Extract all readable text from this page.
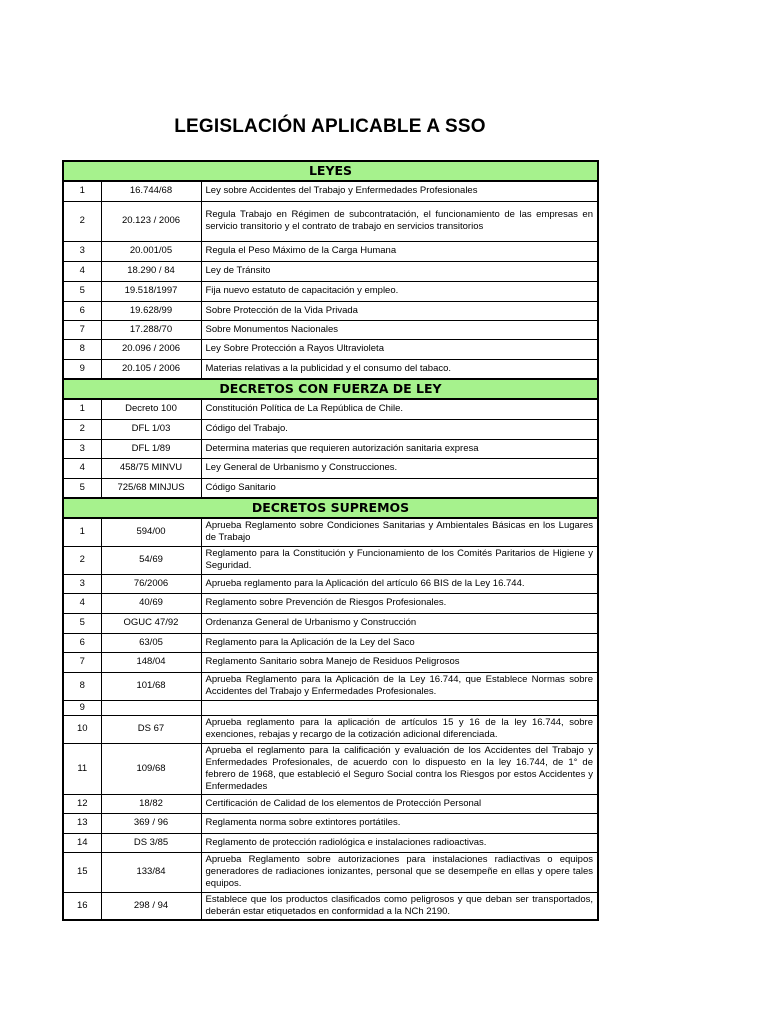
LEGISLACIÓN APLICABLE A SSO
LEYES		
1	16.744/68	Ley sobre Accidentes del Trabajo y Enfermedades Profesionales
2	20.123 / 2006	Regula Trabajo en Régimen de subcontratación, el funcionamiento de las empresas en servicio transitorio y el contrato de trabajo en servicios transitorios
3	20.001/05	Regula el Peso Máximo de la Carga Humana
4	18.290 / 84	Ley de Tránsito
5	19.518/1997	Fija nuevo estatuto de capacitación y empleo.
6	19.628/99	Sobre Protección de la Vida Privada
7	17.288/70	Sobre Monumentos Nacionales
8	20.096 / 2006	Ley Sobre Protección a Rayos Ultravioleta
9	20.105 / 2006	Materias relativas a la publicidad y el consumo del tabaco.
DECRETOS CON FUERZA DE LEY		
1	Decreto 100	Constitución Política de La República de Chile.
2	DFL 1/03	Código del Trabajo.
3	DFL 1/89	Determina materias que requieren autorización sanitaria expresa
4	458/75 MINVU	Ley General de Urbanismo y Construcciones.
5	725/68 MINJUS	Código Sanitario
DECRETOS SUPREMOS		
1	594/00	Aprueba Reglamento sobre Condiciones Sanitarias y Ambientales Básicas en los Lugares de Trabajo
2	54/69	Reglamento para la Constitución y Funcionamiento de los Comités Paritarios de Higiene y Seguridad.
3	76/2006	Aprueba reglamento para la Aplicación del artículo 66 BIS de la Ley 16.744.
4	40/69	Reglamento sobre Prevención de Riesgos Profesionales.
5	OGUC 47/92	Ordenanza General de Urbanismo y Construcción
6	63/05	Reglamento para la Aplicación de la Ley del Saco
7	148/04	Reglamento Sanitario sobra Manejo de Residuos Peligrosos
8	101/68	Aprueba Reglamento para la Aplicación de la Ley 16.744, que Establece Normas sobre Accidentes del Trabajo y Enfermedades Profesionales.
9		
10	DS 67	Aprueba reglamento para la aplicación de artículos 15 y 16 de la ley 16.744, sobre exenciones, rebajas y recargo de la cotización adicional diferenciada.
11	109/68	Aprueba el reglamento para la calificación y evaluación de los Accidentes del Trabajo y Enfermedades Profesionales, de acuerdo con lo dispuesto en la ley 16.744, de 1° de febrero de 1968, que estableció el Seguro Social contra los Riesgos por estos Accidentes y Enfermedades
12	18/82	Certificación de Calidad de los elementos de Protección Personal
13	369 / 96	Reglamenta norma sobre extintores portátiles.
14	DS 3/85	Reglamento de protección radiológica e instalaciones radioactivas.
15	133/84	Aprueba Reglamento sobre autorizaciones para instalaciones radiactivas o equipos generadores de radiaciones ionizantes, personal que se desempeñe en ellas y opere tales equipos.
16	298 / 94	Establece que los productos clasificados como peligrosos y que deban ser transportados, deberán estar etiquetados en conformidad a la NCh 2190.
